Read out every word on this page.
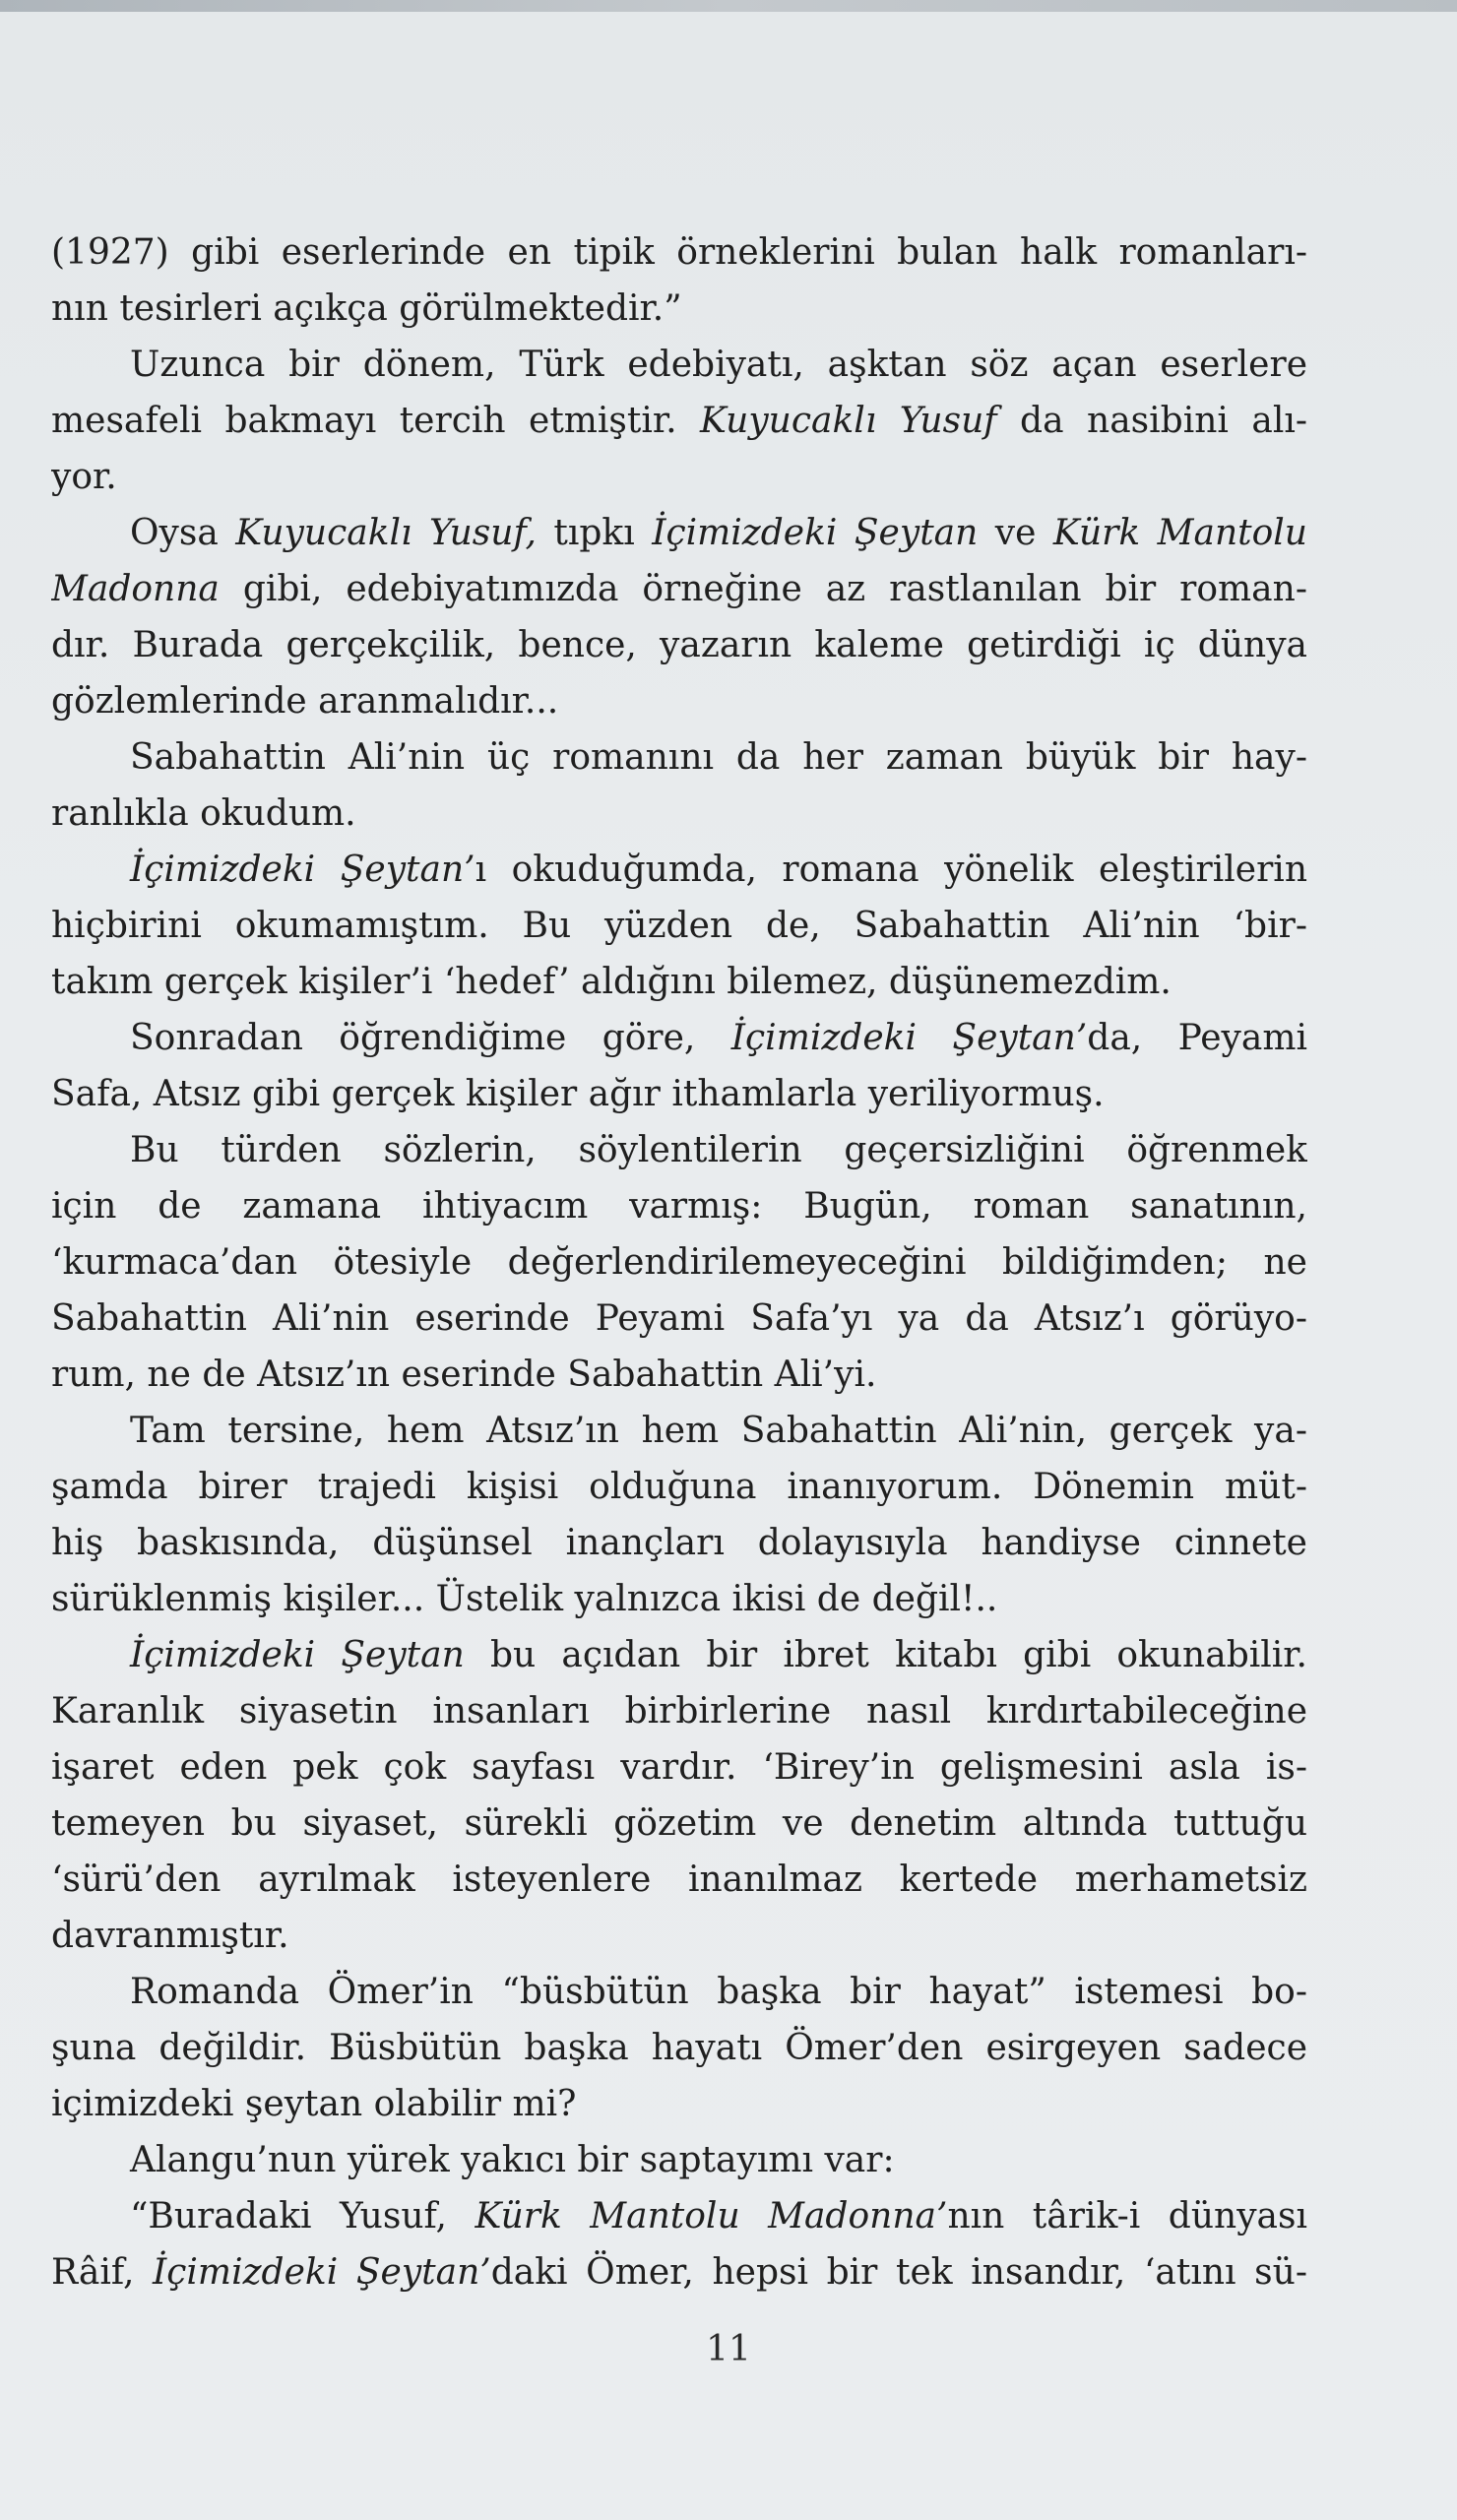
(1927) gibi eserlerinde en tipik örneklerini bulan halk romanları-
nın tesirleri açıkça görülmektedir.”
Uzunca bir dönem, Türk edebiyatı, aşktan söz açan eserlere
mesafeli bakmayı tercih etmiştir. Kuyucaklı Yusuf da nasibini alı-
yor.
Oysa Kuyucaklı Yusuf, tıpkı İçimizdeki Şeytan ve Kürk Mantolu
Madonna gibi, edebiyatımızda örneğine az rastlanılan bir roman-
dır. Burada gerçekçilik, bence, yazarın kaleme getirdiği iç dünya
gözlemlerinde aranmalıdır...
Sabahattin Ali’nin üç romanını da her zaman büyük bir hay-
ranlıkla okudum.
İçimizdeki Şeytan’ı okuduğumda, romana yönelik eleştirilerin
hiçbirini okumamıştım. Bu yüzden de, Sabahattin Ali’nin ‘bir-
takım gerçek kişiler’i ‘hedef’ aldığını bilemez, düşünemezdim.
Sonradan öğrendiğime göre, İçimizdeki Şeytan’da, Peyami
Safa, Atsız gibi gerçek kişiler ağır ithamlarla yeriliyormuş.
Bu türden sözlerin, söylentilerin geçersizliğini öğrenmek
için de zamana ihtiyacım varmış: Bugün, roman sanatının,
‘kurmaca’dan ötesiyle değerlendirilemeyeceğini bildiğimden; ne
Sabahattin Ali’nin eserinde Peyami Safa’yı ya da Atsız’ı görüyo-
rum, ne de Atsız’ın eserinde Sabahattin Ali’yi.
Tam tersine, hem Atsız’ın hem Sabahattin Ali’nin, gerçek ya-
şamda birer trajedi kişisi olduğuna inanıyorum. Dönemin müt-
hiş baskısında, düşünsel inançları dolayısıyla handiyse cinnete
sürüklenmiş kişiler... Üstelik yalnızca ikisi de değil!..
İçimizdeki Şeytan bu açıdan bir ibret kitabı gibi okunabilir.
Karanlık siyasetin insanları birbirlerine nasıl kırdırtabileceğine
işaret eden pek çok sayfası vardır. ‘Birey’in gelişmesini asla is-
temeyen bu siyaset, sürekli gözetim ve denetim altında tuttuğu
‘sürü’den ayrılmak isteyenlere inanılmaz kertede merhametsiz
davranmıştır.
Romanda Ömer’in “büsbütün başka bir hayat” istemesi bo-
şuna değildir. Büsbütün başka hayatı Ömer’den esirgeyen sadece
içimizdeki şeytan olabilir mi?
Alangu’nun yürek yakıcı bir saptayımı var:
“Buradaki Yusuf, Kürk Mantolu Madonna’nın târik-i dünyası
Râif, İçimizdeki Şeytan’daki Ömer, hepsi bir tek insandır, ‘atını sü-
11
